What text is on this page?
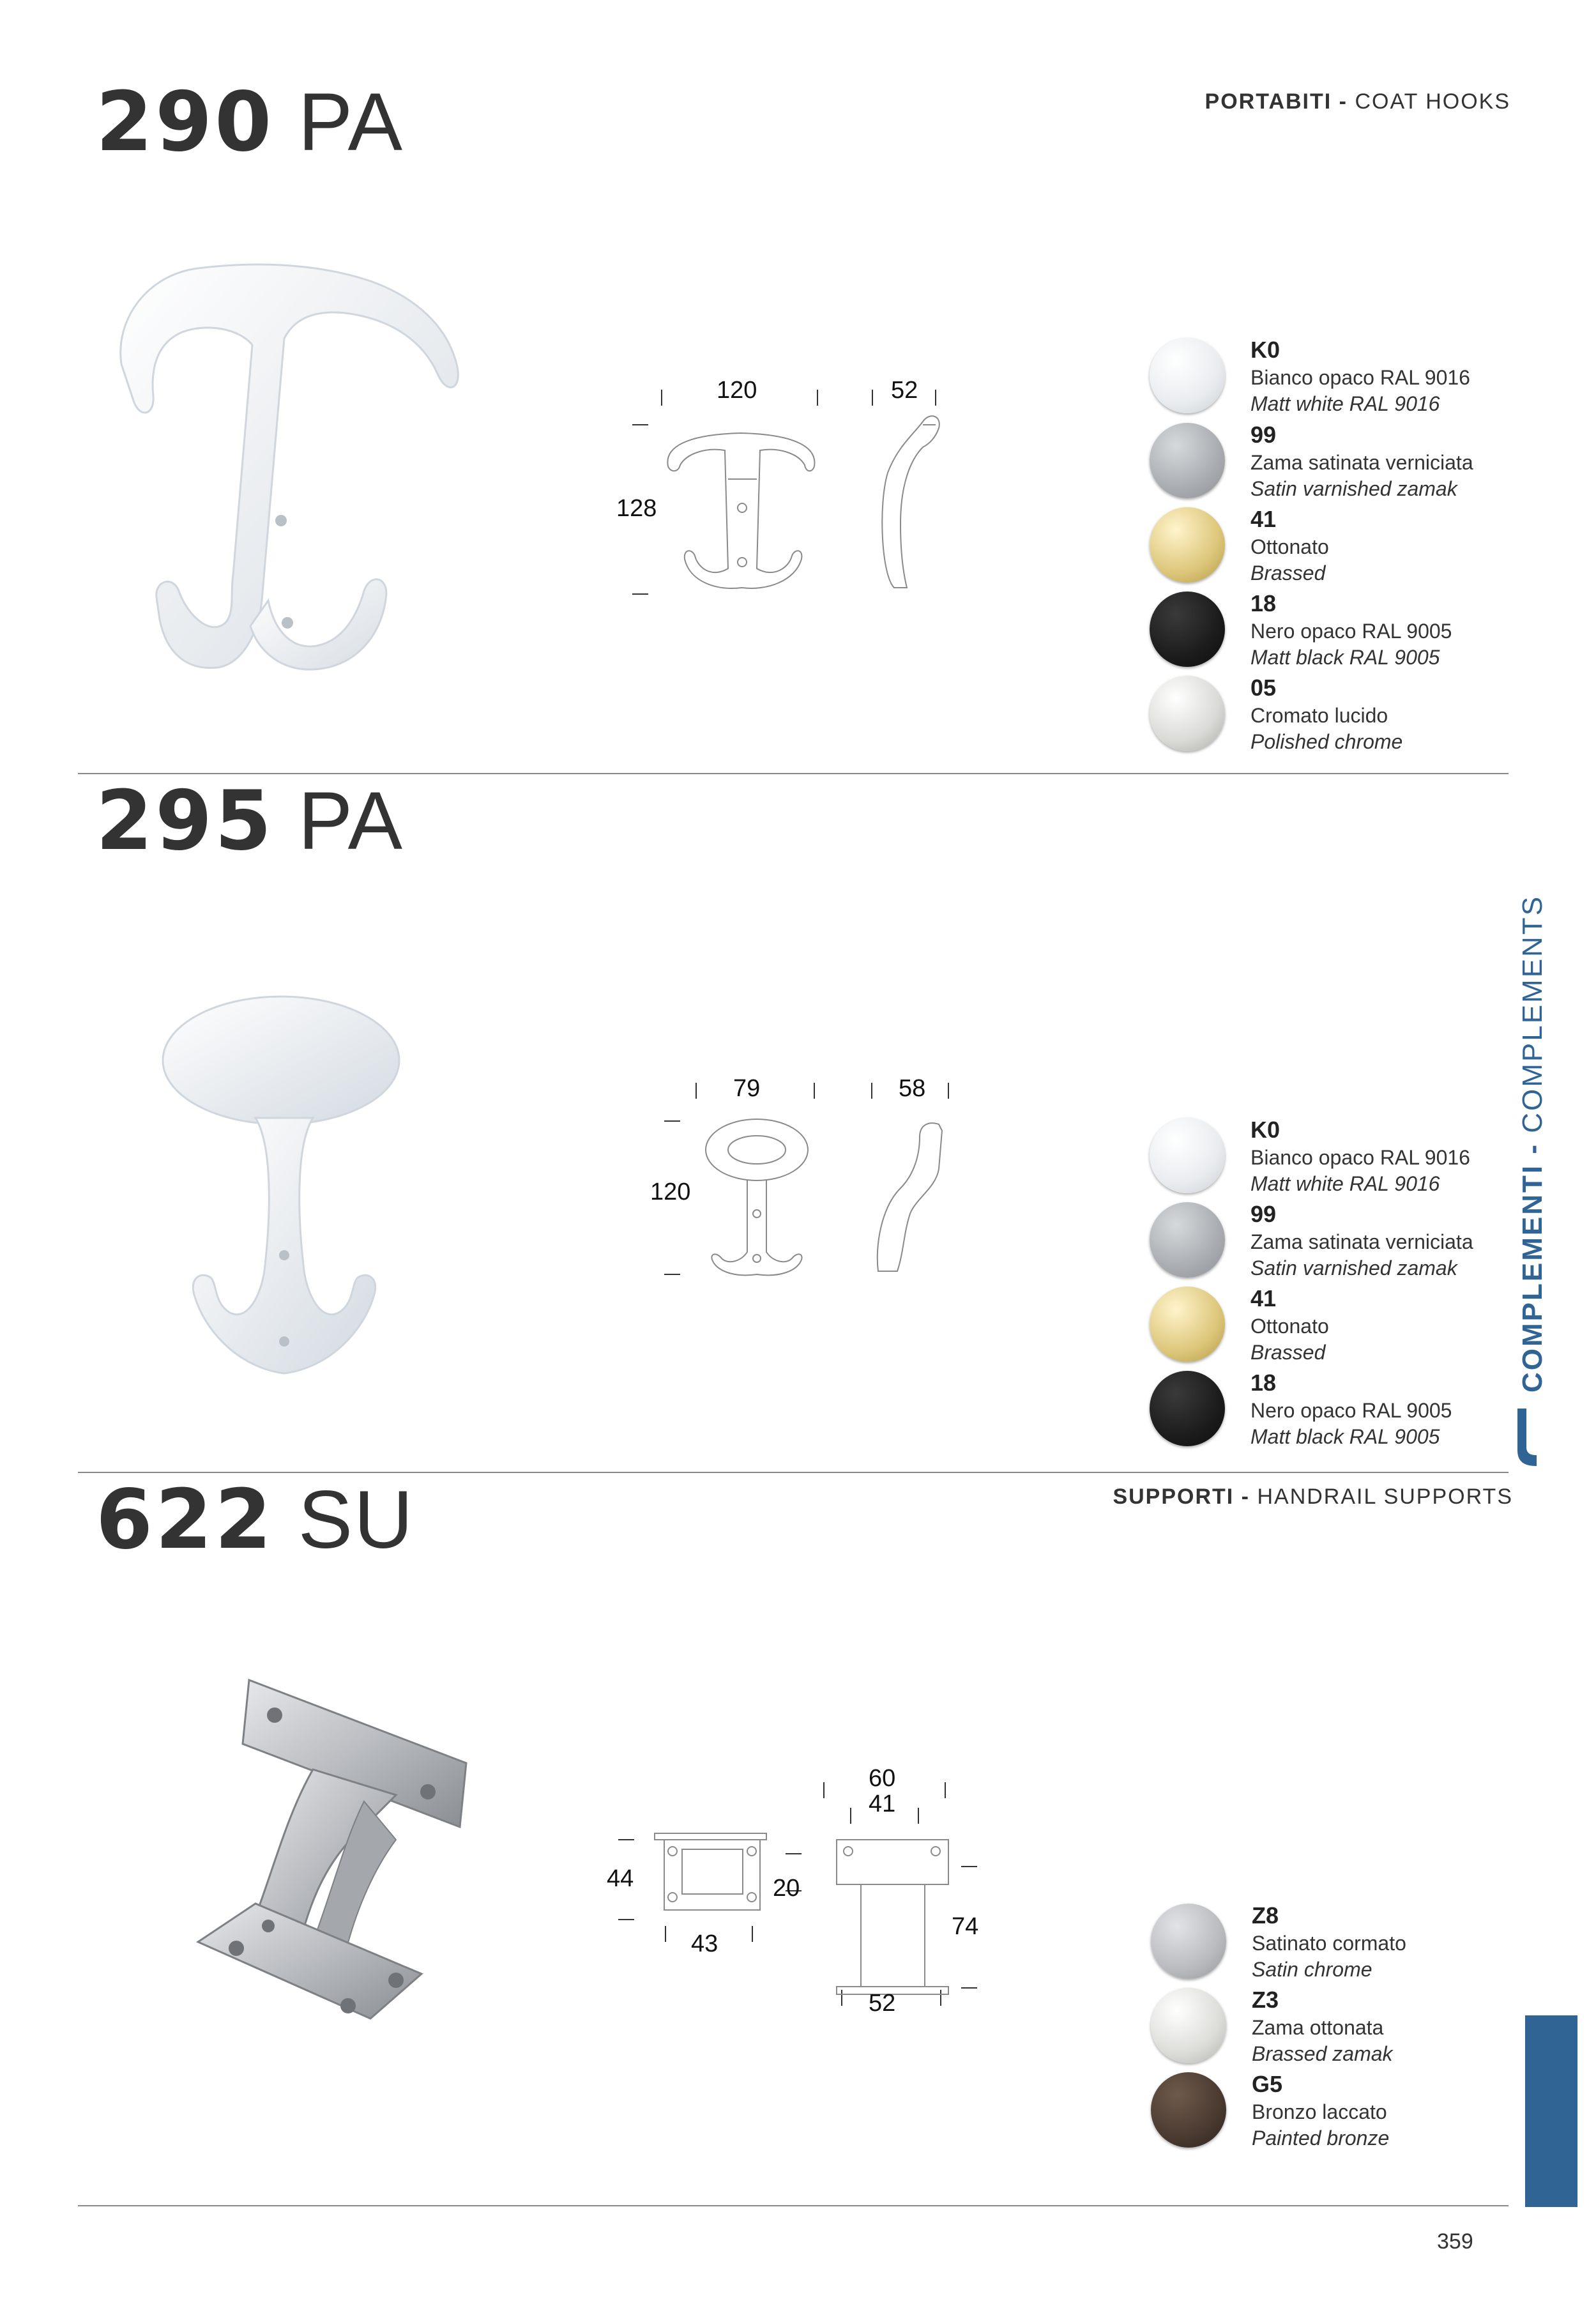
290 PA	PORTABITI - COAT HOOKS
120	52
128
K0
Bianco opaco RAL 9016
Matt white RAL 9016
99
Zama satinata verniciata
Satin varnished zamak
41
Ottonato
Brassed
18
Nero opaco RAL 9005
Matt black RAL 9005
05
Cromato lucido
Polished chrome
295 PA
79	58
120
K0
Bianco opaco RAL 9016
Matt white RAL 9016
99
Zama satinata verniciata
Satin varnished zamak
41
Ottonato
Brassed
18
Nero opaco RAL 9005
Matt black RAL 9005
622 SU	SUPPORTI - HANDRAIL SUPPORTS
60
41
44	20
74
43
52
Z8
Satinato cormato
Satin chrome
Z3
Zama ottonata
Brassed zamak
G5
Bronzo laccato
Painted bronze
COMPLEMENTI - COMPLEMENTS
359
